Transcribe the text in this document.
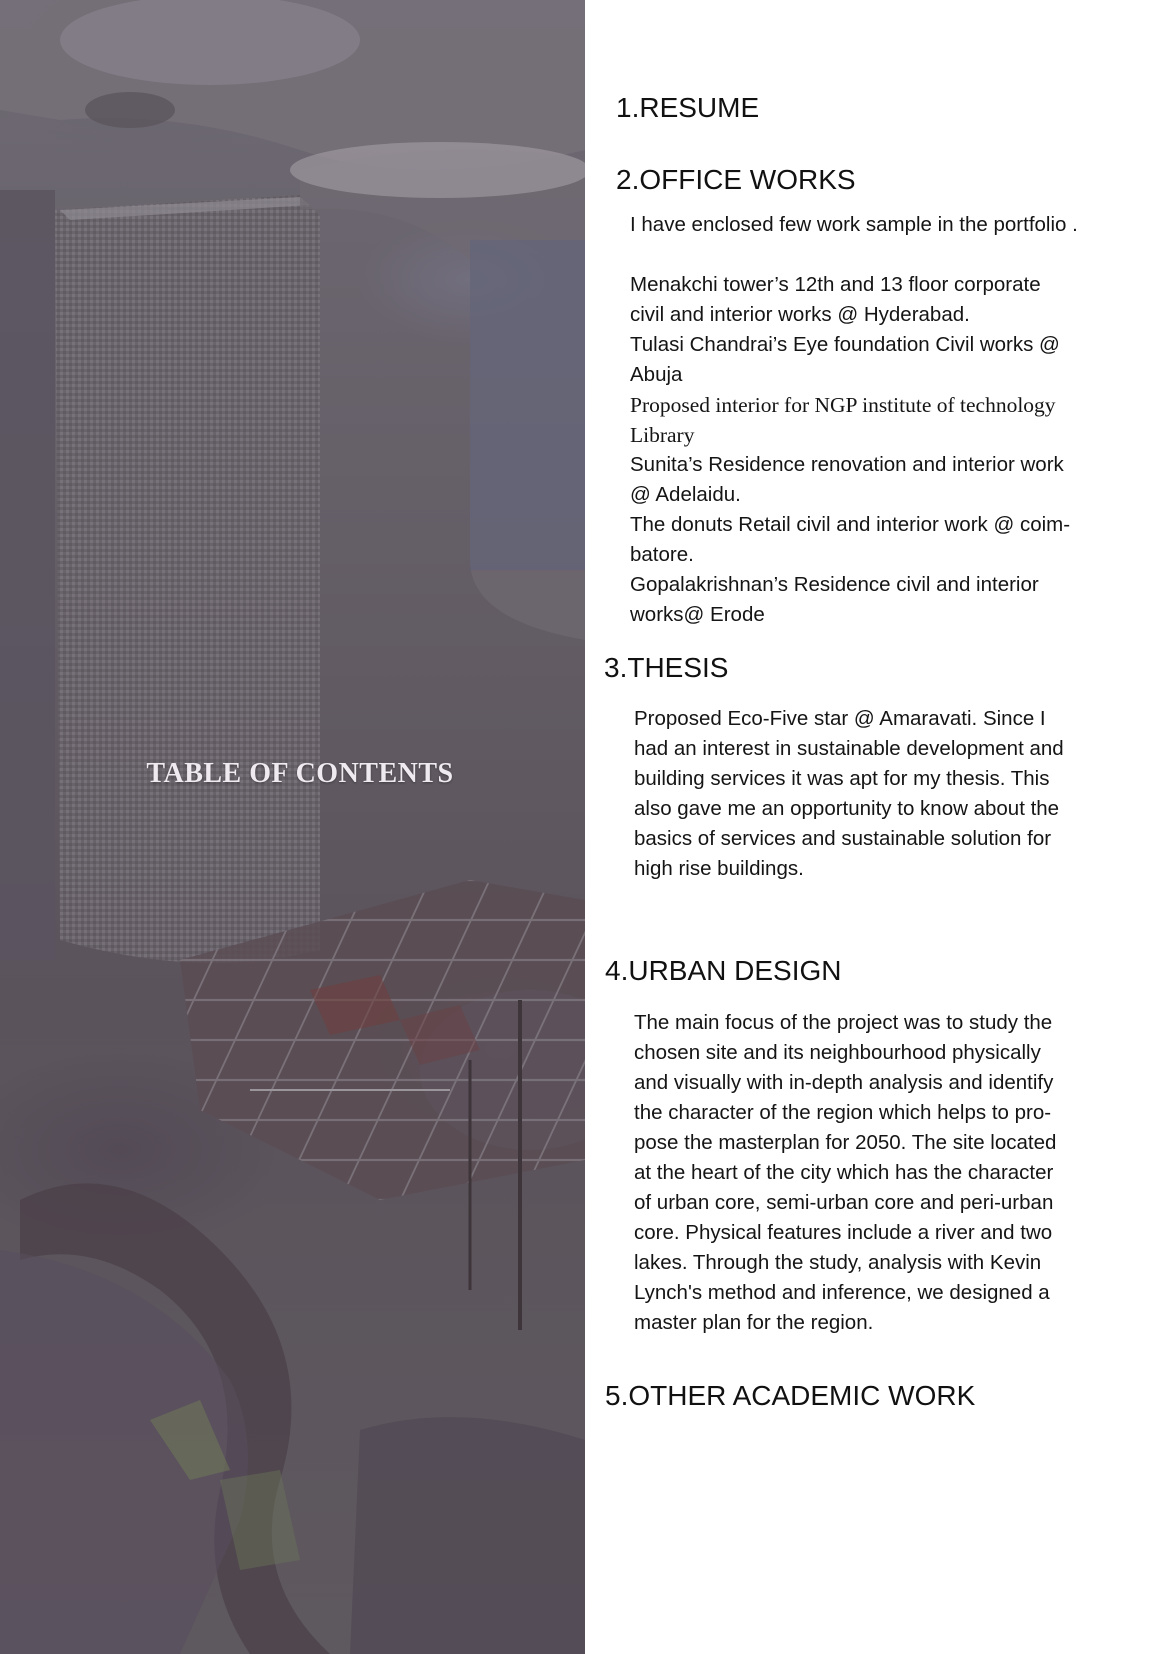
TABLE OF CONTENTS
1.RESUME
2.OFFICE WORKS
I have enclosed few work sample in the portfolio .
Menakchi tower’s 12th and 13 floor corporate
civil and interior works @ Hyderabad.
Tulasi Chandrai’s Eye foundation Civil works @
Abuja
Proposed interior for NGP institute of technology
Library
Sunita’s Residence renovation and interior work
@ Adelaidu.
The donuts Retail civil and interior work @ coim-
batore.
Gopalakrishnan’s Residence civil and interior
works@ Erode
3.THESIS
Proposed Eco-Five star @ Amaravati. Since I
had an interest in sustainable development and
building services it was apt for my thesis. This
also gave me an opportunity to know about the
basics of services and sustainable solution for
high rise buildings.
4.URBAN DESIGN
The main focus of the project was to study the
chosen site and its neighbourhood physically
and visually with in-depth analysis and identify
the character of the region which helps to pro-
pose the masterplan for 2050. The site located
at the heart of the city which has the character
of urban core, semi-urban core and peri-urban
core. Physical features include a river and two
lakes. Through the study, analysis with Kevin
Lynch's method and inference, we designed a
master plan for the region.
5.OTHER ACADEMIC WORK
